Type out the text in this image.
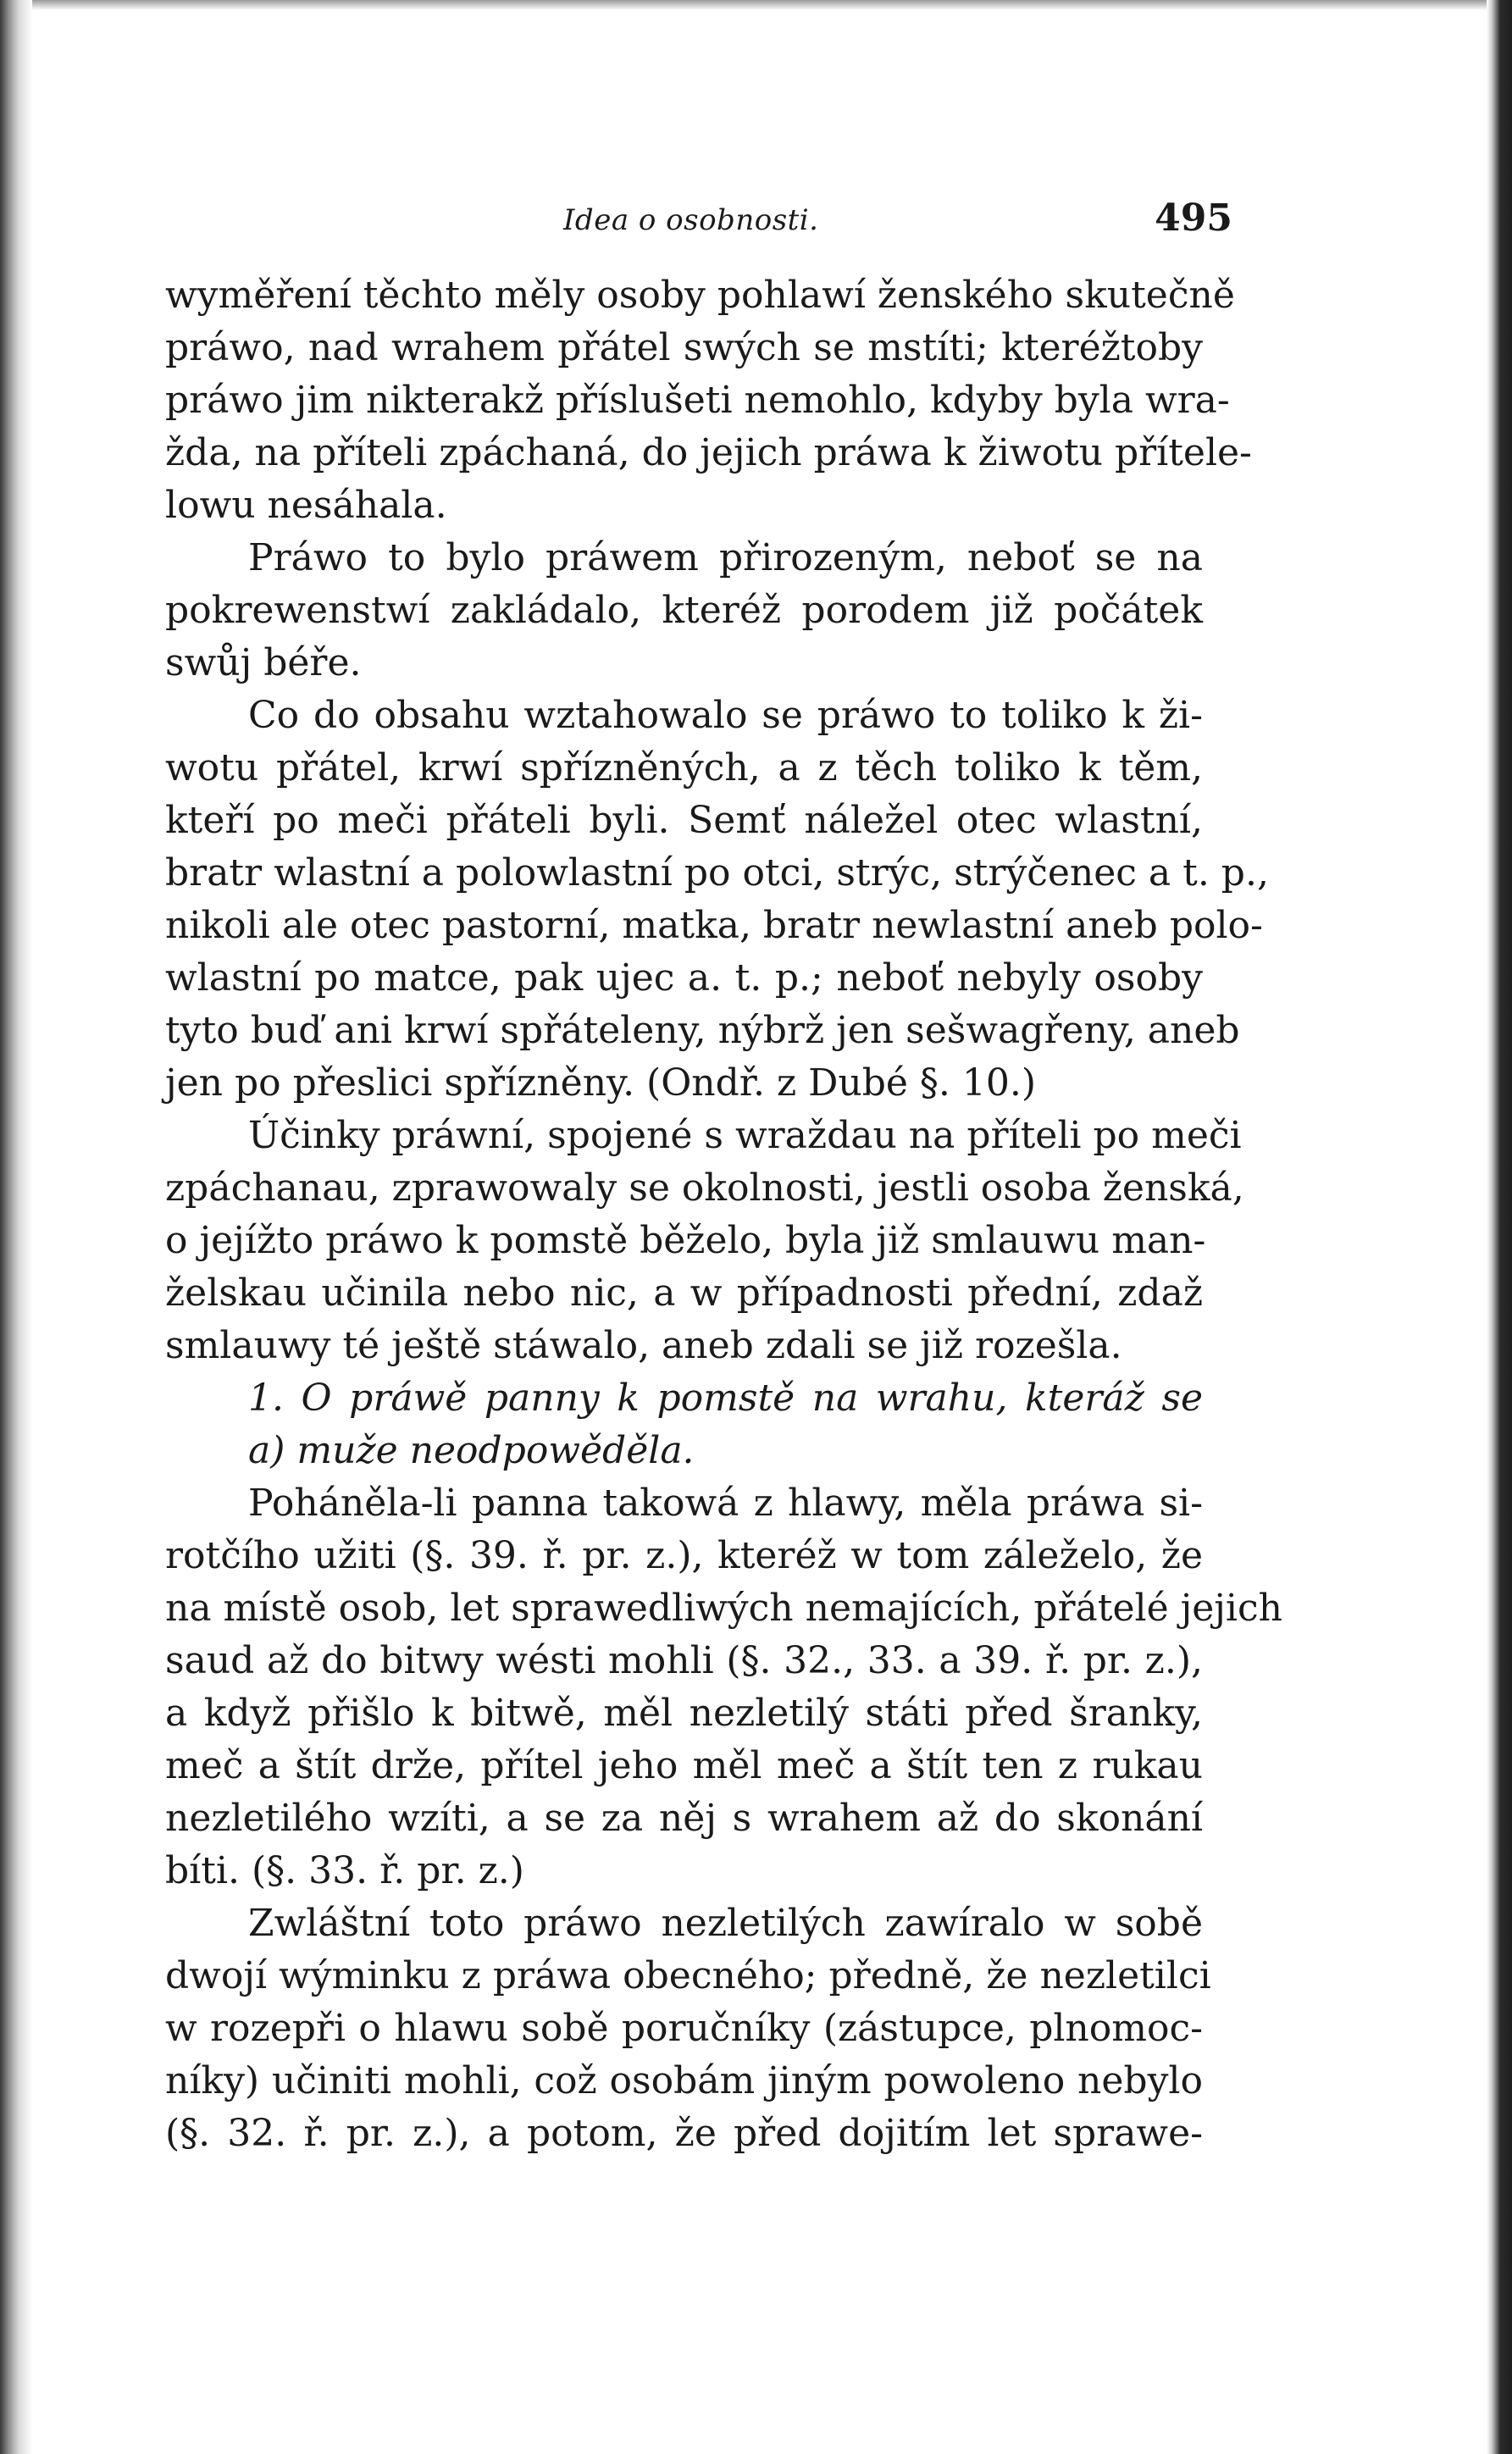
Idea o osobnosti.	495
wyměření těchto měly osoby pohlawí ženského skutečně
práwo, nad wrahem přátel swých se mstíti; kteréžtoby
práwo jim nikterakž příslušeti nemohlo, kdyby byla wra-
žda, na příteli zpáchaná, do jejich práwa k žiwotu přítele-
lowu nesáhala.
Práwo to bylo práwem přirozeným, neboť se na
pokrewenstwí zakládalo, kteréž porodem již počátek
swůj béře.
Co do obsahu wztahowalo se práwo to toliko k ži-
wotu přátel, krwí spřízněných, a z těch toliko k těm,
kteří po meči přáteli byli. Semť náležel otec wlastní,
bratr wlastní a polowlastní po otci, strýc, strýčenec a t. p.,
nikoli ale otec pastorní, matka, bratr newlastní aneb polo-
wlastní po matce, pak ujec a. t. p.; neboť nebyly osoby
tyto buď ani krwí spřáteleny, nýbrž jen sešwagřeny, aneb
jen po přeslici spřízněny. (Ondř. z Dubé §. 10.)
Účinky práwní, spojené s wraždau na příteli po meči
zpáchanau, zprawowaly se okolnosti, jestli osoba ženská,
o jejížto práwo k pomstě běželo, byla již smlauwu man-
želskau učinila nebo nic, a w případnosti přední, zdaž
smlauwy té ještě stáwalo, aneb zdali se již rozešla.
1. O práwě panny k pomstě na wrahu, kteráž se
a) muže neodpowěděla.
Poháněla-li panna takowá z hlawy, měla práwa si-
rotčího užiti (§. 39. ř. pr. z.), kteréž w tom záleželo, že
na místě osob, let sprawedliwých nemajících, přátelé jejich
saud až do bitwy wésti mohli (§. 32., 33. a 39. ř. pr. z.),
a když přišlo k bitwě, měl nezletilý státi před šranky,
meč a štít drže, přítel jeho měl meč a štít ten z rukau
nezletilého wzíti, a se za něj s wrahem až do skonání
bíti. (§. 33. ř. pr. z.)
Zwláštní toto práwo nezletilých zawíralo w sobě
dwojí wýminku z práwa obecného; předně, že nezletilci
w rozepři o hlawu sobě poručníky (zástupce, plnomoc-
níky) učiniti mohli, což osobám jiným powoleno nebylo
(§. 32. ř. pr. z.), a potom, že před dojitím let sprawe-
